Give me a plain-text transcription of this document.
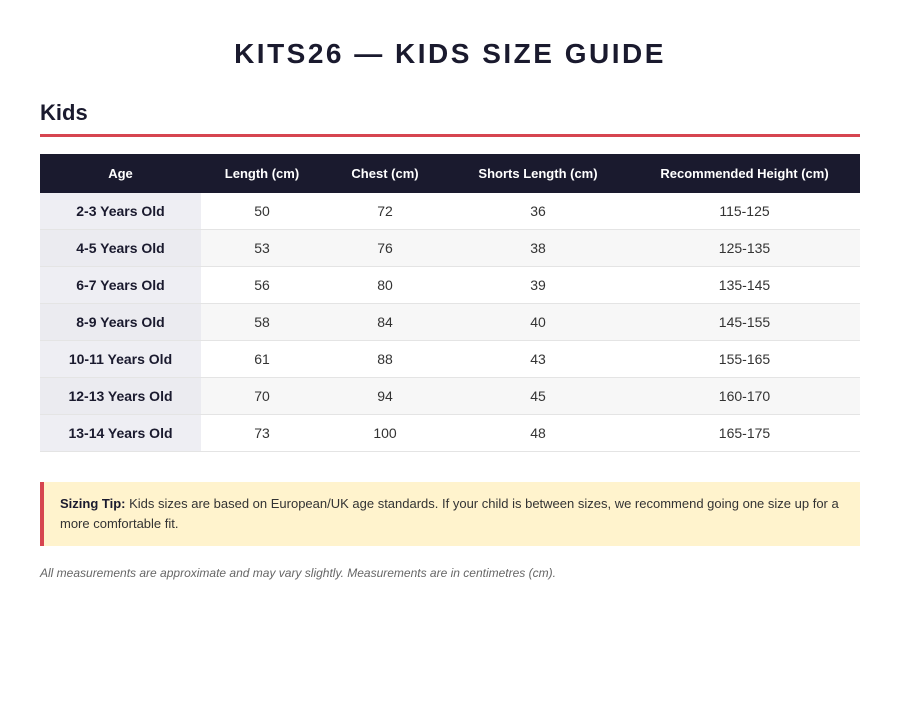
KITS26 — KIDS SIZE GUIDE
Kids
Age	Length (cm)	Chest (cm)	Shorts Length (cm)	Recommended Height (cm)
2-3 Years Old	50	72	36	115-125
4-5 Years Old	53	76	38	125-135
6-7 Years Old	56	80	39	135-145
8-9 Years Old	58	84	40	145-155
10-11 Years Old	61	88	43	155-165
12-13 Years Old	70	94	45	160-170
13-14 Years Old	73	100	48	165-175
Sizing Tip: Kids sizes are based on European/UK age standards. If your child is between sizes, we recommend going one size up for a more comfortable fit.
All measurements are approximate and may vary slightly. Measurements are in centimetres (cm).
